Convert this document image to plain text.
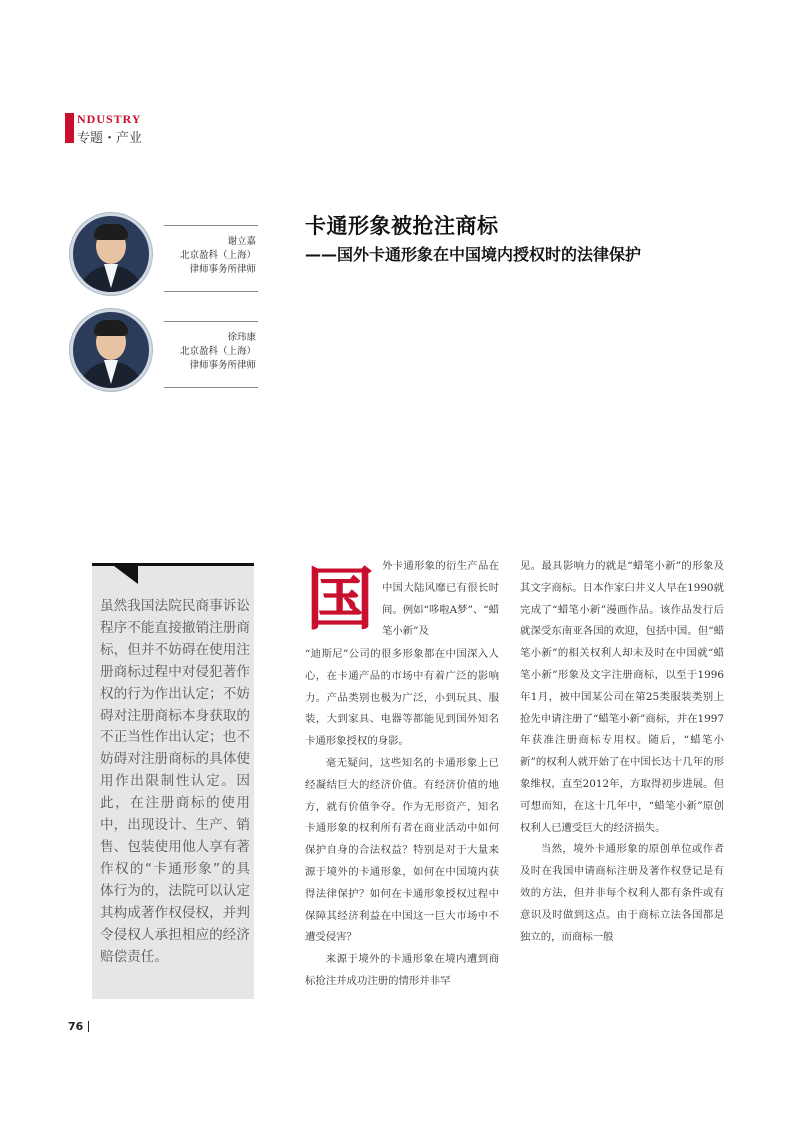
NDUSTRY
专题・产业
谢立嘉
北京盈科（上海）
律师事务所律师
徐玮康
北京盈科（上海）
律师事务所律师
卡通形象被抢注商标
——国外卡通形象在中国境内授权时的法律保护
虽然我国法院民商事诉讼程序不能直接撤销注册商标，但并不妨碍在使用注册商标过程中对侵犯著作权的行为作出认定；不妨碍对注册商标本身获取的不正当性作出认定；也不妨碍对注册商标的具体使用作出限制性认定。因此，在注册商标的使用中，出现设计、生产、销售、包装使用他人享有著作权的“卡通形象”的具体行为的，法院可以认定其构成著作权侵权，并判令侵权人承担相应的经济赔偿责任。
国 外卡通形象的衍生产品在中国大陆风靡已有很长时间。例如“哆啦A梦”、“蜡笔小新”及

“迪斯尼”公司的很多形象都在中国深入人心，在卡通产品的市场中有着广泛的影响力。产品类别也极为广泛，小到玩具、服装，大到家具、电器等都能见到国外知名卡通形象授权的身影。

毫无疑问，这些知名的卡通形象上已经凝结巨大的经济价值。有经济价值的地方，就有价值争夺。作为无形资产，知名卡通形象的权利所有者在商业活动中如何保护自身的合法权益？特别是对于大量来源于境外的卡通形象，如何在中国境内获得法律保护？如何在卡通形象授权过程中保障其经济利益在中国这一巨大市场中不遭受侵害？

来源于境外的卡通形象在境内遭到商标抢注并成功注册的情形并非罕

见。最具影响力的就是“蜡笔小新”的形象及其文字商标。日本作家臼井义人早在1990就完成了“蜡笔小新”漫画作品。该作品发行后就深受东南亚各国的欢迎，包括中国。但“蜡笔小新”的相关权利人却未及时在中国就“蜡笔小新”形象及文字注册商标，以至于1996年1月，被中国某公司在第25类服装类别上抢先申请注册了“蜡笔小新”商标，并在1997年获准注册商标专用权。随后，“蜡笔小新”的权利人就开始了在中国长达十几年的形象维权，直至2012年，方取得初步进展。但可想而知，在这十几年中，“蜡笔小新”原创权利人已遭受巨大的经济损失。

当然，境外卡通形象的原创单位或作者及时在我国申请商标注册及著作权登记是有效的方法，但并非每个权利人都有条件或有意识及时做到这点。由于商标立法各国都是独立的，而商标一般

76
